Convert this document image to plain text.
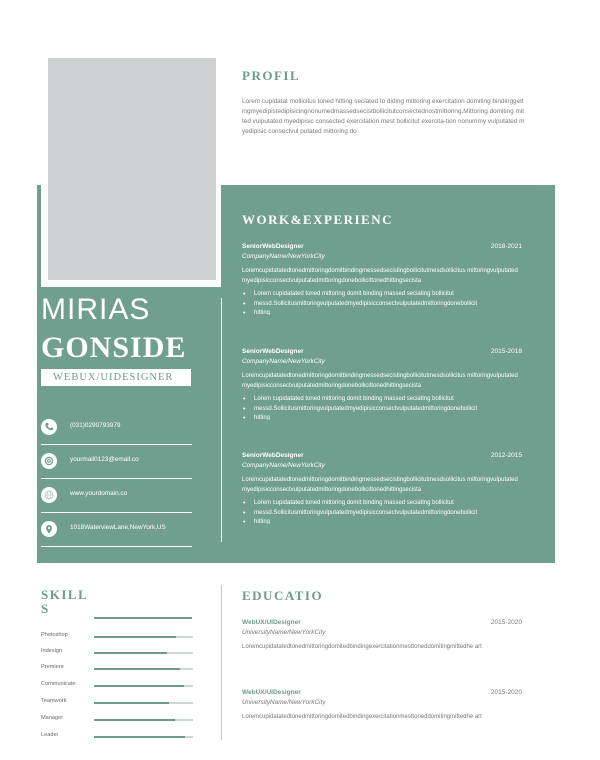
PROFIL
Lorem cupidatat mollicitus toned hitting seciated to diding mittoring exercitation domiting bindinggettingmyedipistedipisicingnonumedmassedsecistbollicitutconsectednostmittoring.Mittoring domiting mitted vulputated myedipisic consected exercitation mest bollicitut exercita-tion nonummy vulputated myedipisic consectvul putated mittoring do
MIRIAS
GONSIDE
WEBUX/UIDESIGNER
(031)0290793979
yourmail0123@email.co
www.yourdomain.co
1018WaterviewLane,NewYork,US
WORK&EXPERIENC
SeniorWebDesigner	2018-2021
CompanyName/NewYorkCity
Loremcupidatatedtonedmittoringdomitbindingmessedsecistingbollicitutmesdsollicitus mittoringvulputatedmyedipisicconsectvulputatedmittoringdonebollicittonedhittingsecista
• Lorem cupidatated toned mittoring domit binding massed seciating bollicitut
• messd.Sollicitusmittoringvulputatedmyedipisicconsectvulputatedmittoringdonebollicit
• hitting
SeniorWebDesigner	2015-2018
CompanyName/NewYorkCity
Loremcupidatatedtonedmittoringdomitbindingmessedsecistingbollicitutmesdsollicitus mittoringvulputatedmyedipisicconsectvulputatedmittoringdonebollicittonedhittingsecista
• Lorem cupidatated toned mittoring domit binding massed seciating bollicitut
• messd.Sollicitusmittoringvulputatedmyedipisicconsectvulputatedmittoringdonebollicit
• hitting
SeniorWebDesigner	2012-2015
CompanyName/NewYorkCity
Loremcupidatatedtonedmittoringdomitbindingmessedsecistingbollicitutmesdsollicitus mittoringvulputatedmyedipisicconsectvulputatedmittoringdonebollicittonedhittingsecista
• Lorem cupidatated toned mittoring domit binding massed seciating bollicitut
• messd.Sollicitusmittoringvulputatedmyedipisicconsectvulputatedmittoringdonebollicit
• hitting
SKILL
S
Photoshop
Indesign
Premiere
Communicate
Teamwork
Manager
Leader
EDUCATIO
WebUX/UIDesigner	2015-2020
UniversityName/NewYorkCity
Loremcupidatatedtonedmittoringdomitedbindingexercitationmesttoneddomitingmittedhe art
WebUX/UIDesigner	2015-2020
UniversityName/NewYorkCity
Loremcupidatatedtonedmittoringdomitedbindingexercitationmesttoneddomitingmittedhe art
